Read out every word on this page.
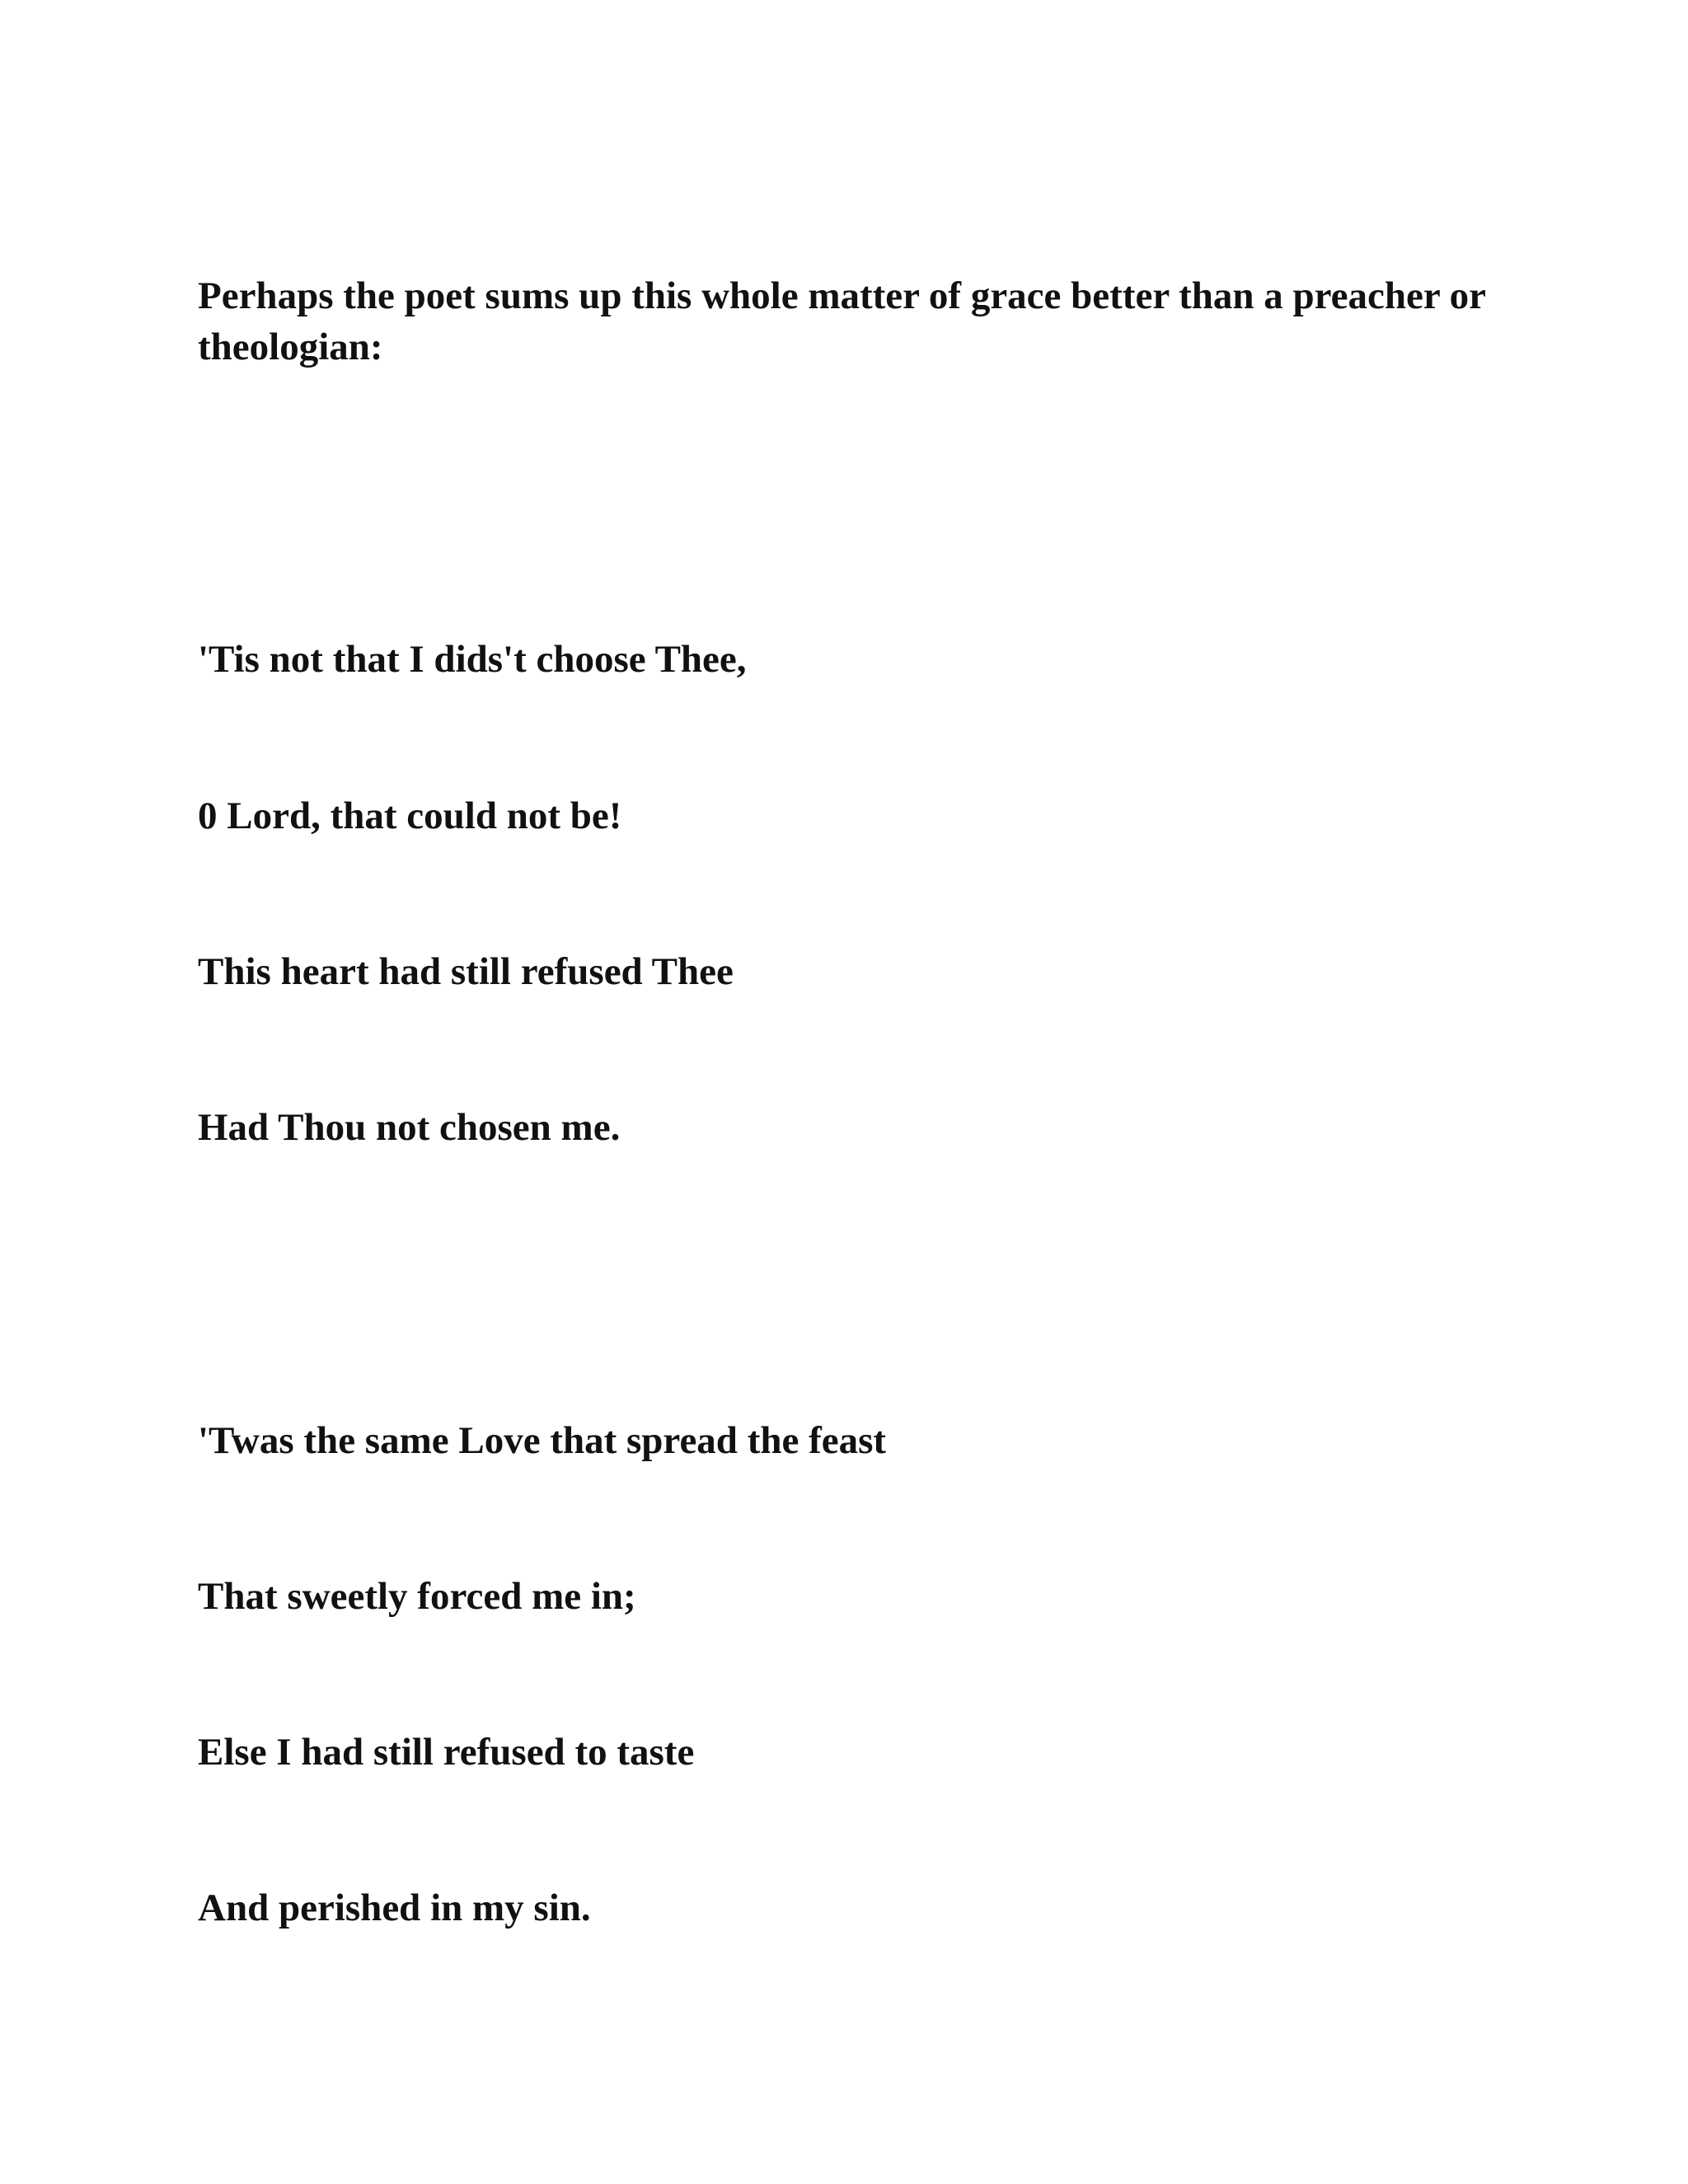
Perhaps the poet sums up this whole matter of grace better than a preacher or theologian:

'Tis not that I dids't choose Thee,

0 Lord, that could not be!

This heart had still refused Thee

Had Thou not chosen me.

'Twas the same Love that spread the feast

That sweetly forced me in;

Else I had still refused to taste

And perished in my sin.
